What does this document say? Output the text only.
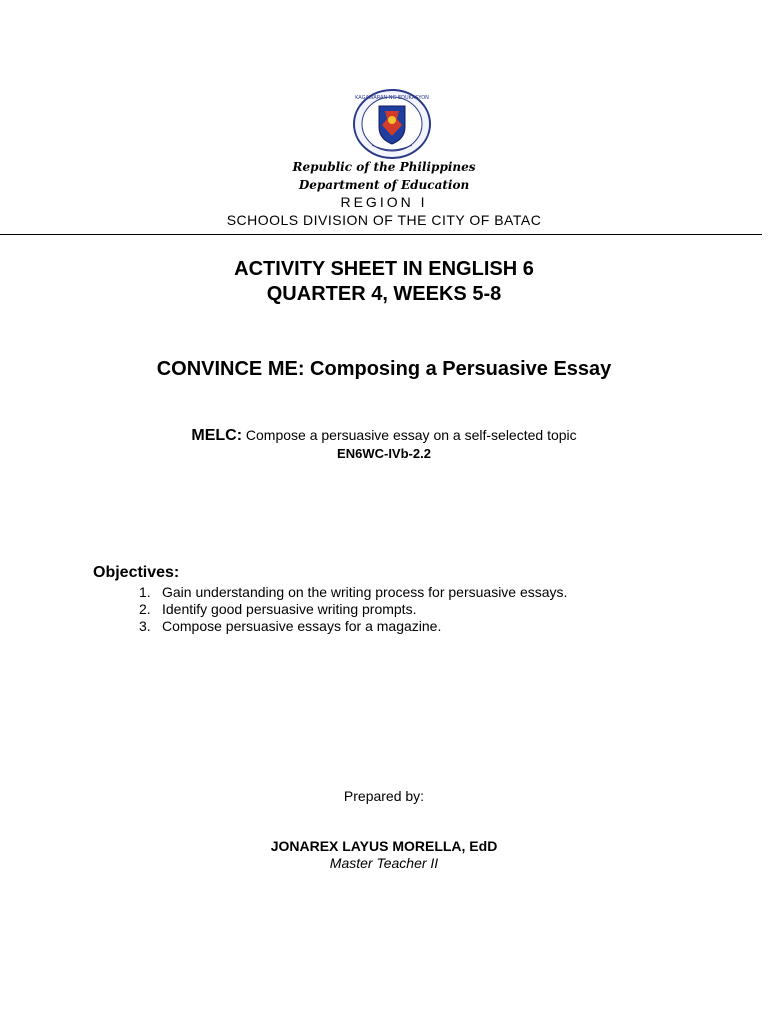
KAGAWARAN NG EDUKASYON
Republic of the Philippines
Department of Education
REGION I
SCHOOLS DIVISION OF THE CITY OF BATAC
ACTIVITY SHEET IN ENGLISH 6
QUARTER 4, WEEKS 5-8
CONVINCE ME: Composing a Persuasive Essay
MELC: Compose a persuasive essay on a self-selected topic
EN6WC-IVb-2.2
Objectives:
1. Gain understanding on the writing process for persuasive essays.
2. Identify good persuasive writing prompts.
3. Compose persuasive essays for a magazine.
Prepared by:
JONAREX LAYUS MORELLA, EdD
Master Teacher II
